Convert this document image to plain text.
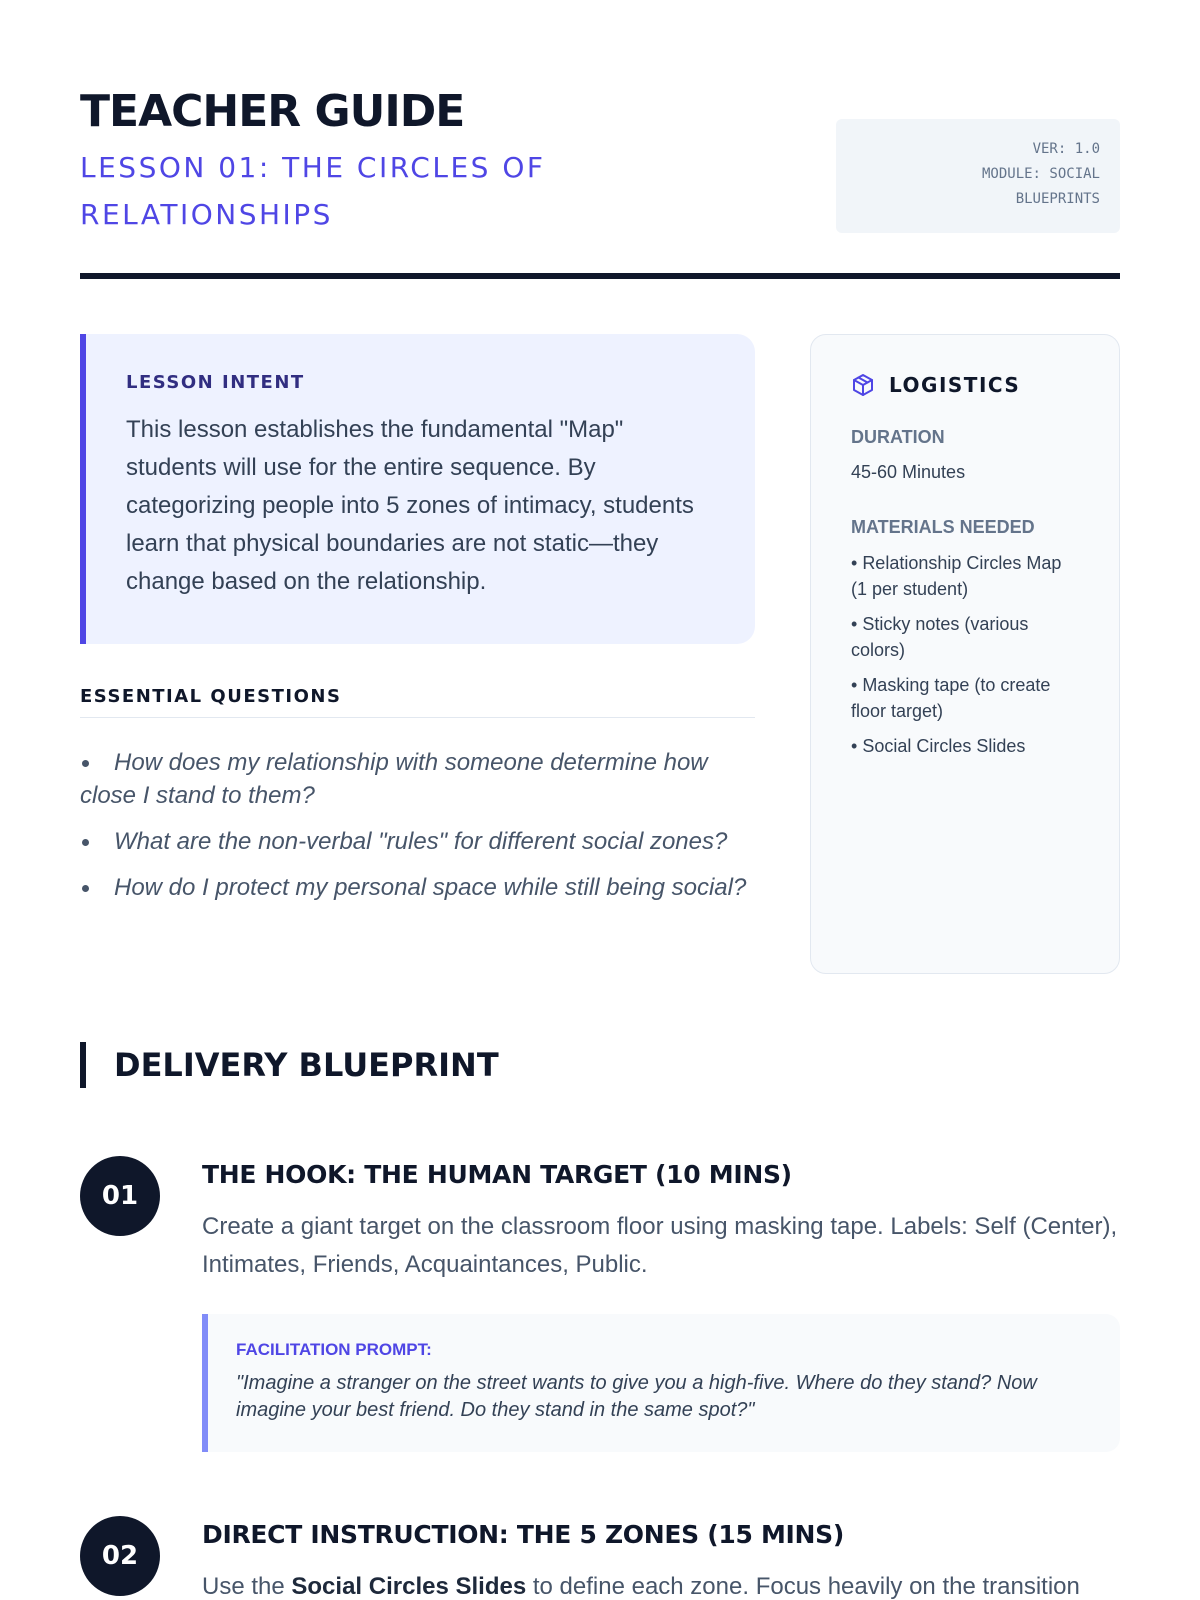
TEACHER GUIDE
LESSON 01: THE CIRCLES OF RELATIONSHIPS
VER: 1.0
MODULE: SOCIAL
BLUEPRINTS
LESSON INTENT

This lesson establishes the fundamental "Map" students will use for the entire sequence. By categorizing people into 5 zones of intimacy, students learn that physical boundaries are not static—they change based on the relationship.

ESSENTIAL QUESTIONS
How does my relationship with someone determine how close I stand to them?
What are the non-verbal "rules" for different social zones?
How do I protect my personal space while still being social?
LOGISTICS
DURATION
45-60 Minutes
MATERIALS NEEDED
• Relationship Circles Map (1 per student)
• Sticky notes (various colors)
• Masking tape (to create floor target)
• Social Circles Slides
DELIVERY BLUEPRINT
01
THE HOOK: THE HUMAN TARGET (10 MINS)

Create a giant target on the classroom floor using masking tape. Labels: Self (Center), Intimates, Friends, Acquaintances, Public.

FACILITATION PROMPT:

"Imagine a stranger on the street wants to give you a high-five. Where do they stand? Now imagine your best friend. Do they stand in the same spot?"

02
DIRECT INSTRUCTION: THE 5 ZONES (15 MINS)

Use the Social Circles Slides to define each zone. Focus heavily on the transition
